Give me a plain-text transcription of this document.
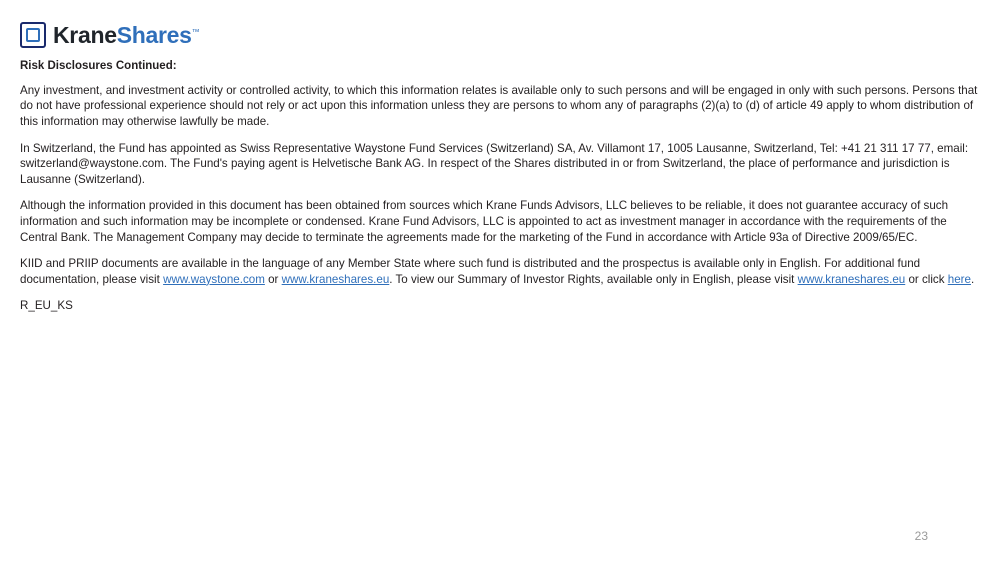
KraneShares™
Risk Disclosures Continued:

Any investment, and investment activity or controlled activity, to which this information relates is available only to such persons and will be engaged in only with such persons. Persons that do not have professional experience should not rely or act upon this information unless they are persons to whom any of paragraphs (2)(a) to (d) of article 49 apply to whom distribution of this information may otherwise lawfully be made.

In Switzerland, the Fund has appointed as Swiss Representative Waystone Fund Services (Switzerland) SA, Av. Villamont 17, 1005 Lausanne, Switzerland, Tel: +41 21 311 17 77, email: switzerland@waystone.com. The Fund's paying agent is Helvetische Bank AG. In respect of the Shares distributed in or from Switzerland, the place of performance and jurisdiction is Lausanne (Switzerland).

Although the information provided in this document has been obtained from sources which Krane Funds Advisors, LLC believes to be reliable, it does not guarantee accuracy of such information and such information may be incomplete or condensed. Krane Fund Advisors, LLC is appointed to act as investment manager in accordance with the requirements of the Central Bank. The Management Company may decide to terminate the agreements made for the marketing of the Fund in accordance with Article 93a of Directive 2009/65/EC.

KIID and PRIIP documents are available in the language of any Member State where such fund is distributed and the prospectus is available only in English. For additional fund documentation, please visit www.waystone.com or www.kraneshares.eu. To view our Summary of Investor Rights, available only in English, please visit www.kraneshares.eu or click here.

R_EU_KS

23
